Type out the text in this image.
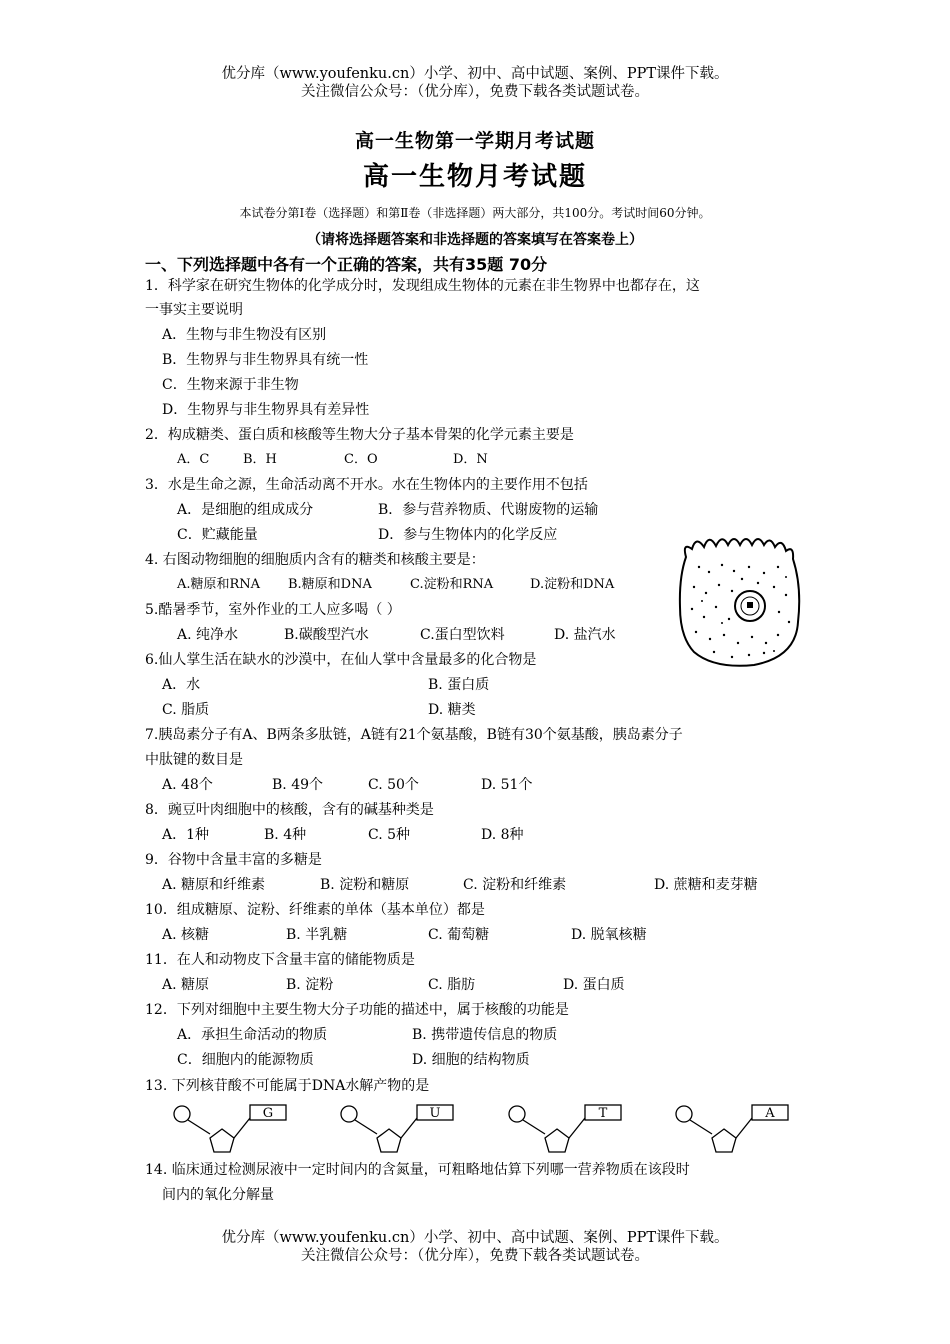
优分库（www.youfenku.cn）小学、初中、高中试题、案例、PPT课件下载。
关注微信公众号：（优分库），免费下载各类试题试卷。
高一生物第一学期月考试题
高一生物月考试题
本试卷分第Ⅰ卷（选择题）和第Ⅱ卷（非选择题）两大部分，共100分。考试时间60分钟。
（请将选择题答案和非选择题的答案填写在答案卷上）
一、下列选择题中各有一个正确的答案，共有35题 70分
1．科学家在研究生物体的化学成分时，发现组成生物体的元素在非生物界中也都存在，这
一事实主要说明
A．生物与非生物没有区别
B．生物界与非生物界具有统一性
C．生物来源于非生物
D．生物界与非生物界具有差异性
2．构成糖类、蛋白质和核酸等生物大分子基本骨架的化学元素主要是
A．C	B．H	C．O	D．N
3．水是生命之源，生命活动离不开水。水在生物体内的主要作用不包括
A．是细胞的组成成分	B．参与营养物质、代谢废物的运输
C．贮藏能量	D．参与生物体内的化学反应
4. 右图动物细胞的细胞质内含有的糖类和核酸主要是：
A.糖原和RNA B.糖原和DNA	C.淀粉和RNA	D.淀粉和DNA
5.酷暑季节，室外作业的工人应多喝（ ）
A. 纯净水	B.碳酸型汽水	C.蛋白型饮料	D. 盐汽水
6.仙人掌生活在缺水的沙漠中，在仙人掌中含量最多的化合物是
A．水	B. 蛋白质
C. 脂质	D. 糖类
7.胰岛素分子有A、B两条多肽链，A链有21个氨基酸，B链有30个氨基酸，胰岛素分子
中肽键的数目是
A. 48个	B. 49个	C. 50个	D. 51个
8．豌豆叶肉细胞中的核酸，含有的碱基种类是
A．1种	B. 4种	C. 5种	D. 8种
9．谷物中含量丰富的多糖是
A. 糖原和纤维素	B. 淀粉和糖原	C. 淀粉和纤维素	D. 蔗糖和麦芽糖
10．组成糖原、淀粉、纤维素的单体（基本单位）都是
A. 核糖	B. 半乳糖	C. 葡萄糖	D. 脱氧核糖
11．在人和动物皮下含量丰富的储能物质是
A. 糖原	B. 淀粉	C. 脂肪	D. 蛋白质
12．下列对细胞中主要生物大分子功能的描述中，属于核酸的功能是
A．承担生命活动的物质	B. 携带遗传信息的物质
C．细胞内的能源物质	D. 细胞的结构物质
13. 下列核苷酸不可能属于DNA水解产物的是
G	U	T	A
14. 临床通过检测尿液中一定时间内的含氮量，可粗略地估算下列哪一营养物质在该段时
间内的氧化分解量
优分库（www.youfenku.cn）小学、初中、高中试题、案例、PPT课件下载。
关注微信公众号：（优分库），免费下载各类试题试卷。
